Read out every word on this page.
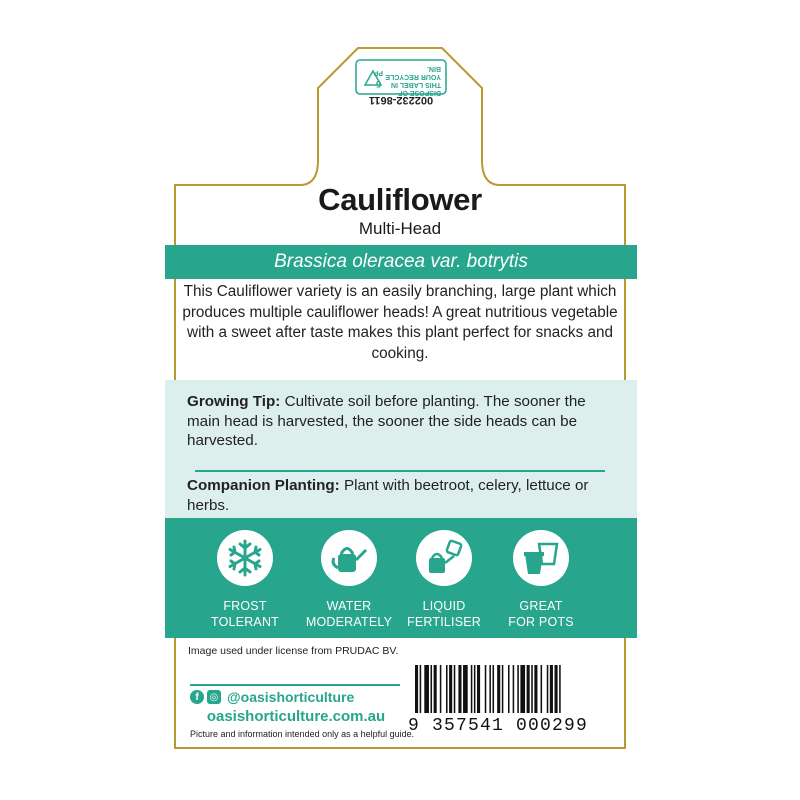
DISPOSE OF THIS LABEL IN YOUR RECYCLE BIN.
5
PP
002232-8611
Cauliflower
Multi-Head
Brassica oleracea var. botrytis
This Cauliflower variety is an easily branching, large plant which produces multiple cauliflower heads! A great nutritious vegetable with a sweet after taste makes this plant perfect for snacks and cooking.
Growing Tip: Cultivate soil before planting. The sooner the main head is harvested, the sooner the side heads can be harvested.
Companion Planting: Plant with beetroot, celery, lettuce or herbs.
FROST
TOLERANT
WATER
MODERATELY
LIQUID
FERTILISER
GREAT
FOR POTS
Image used under license from PRUDAC BV.
f	◎ @oasishorticulture
oasishorticulture.com.au
Picture and information intended only as a helpful guide.
9 357541 000299
